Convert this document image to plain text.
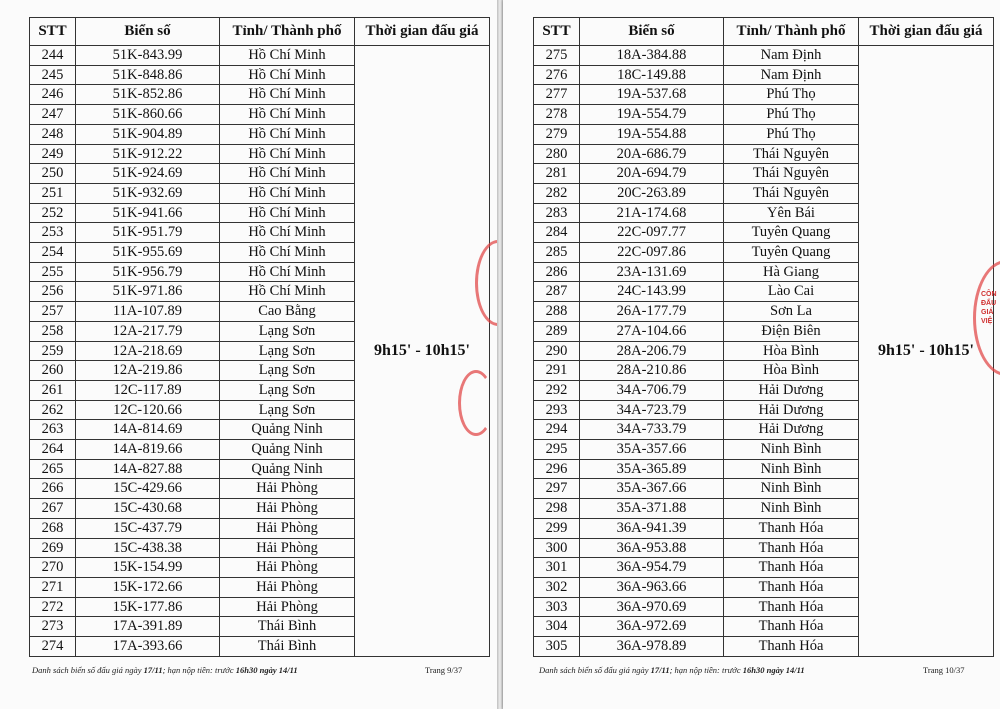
STT	Biển số	Tỉnh/ Thành phố	Thời gian đấu giá
244	51K-843.99	Hồ Chí Minh	9h15' - 10h15'
245	51K-848.86	Hồ Chí Minh	
246	51K-852.86	Hồ Chí Minh	
247	51K-860.66	Hồ Chí Minh	
248	51K-904.89	Hồ Chí Minh	
249	51K-912.22	Hồ Chí Minh	
250	51K-924.69	Hồ Chí Minh	
251	51K-932.69	Hồ Chí Minh	
252	51K-941.66	Hồ Chí Minh	
253	51K-951.79	Hồ Chí Minh	
254	51K-955.69	Hồ Chí Minh	
255	51K-956.79	Hồ Chí Minh	
256	51K-971.86	Hồ Chí Minh	
257	11A-107.89	Cao Bằng	
258	12A-217.79	Lạng Sơn	
259	12A-218.69	Lạng Sơn	
260	12A-219.86	Lạng Sơn	
261	12C-117.89	Lạng Sơn	
262	12C-120.66	Lạng Sơn	
263	14A-814.69	Quảng Ninh	
264	14A-819.66	Quảng Ninh	
265	14A-827.88	Quảng Ninh	
266	15C-429.66	Hải Phòng	
267	15C-430.68	Hải Phòng	
268	15C-437.79	Hải Phòng	
269	15C-438.38	Hải Phòng	
270	15K-154.99	Hải Phòng	
271	15K-172.66	Hải Phòng	
272	15K-177.86	Hải Phòng	
273	17A-391.89	Thái Bình	
274	17A-393.66	Thái Bình	
Danh sách biển số đấu giá ngày 17/11; hạn nộp tiền: trước 16h30 ngày 14/11	Trang 9/37
STT	Biển số	Tỉnh/ Thành phố	Thời gian đấu giá
275	18A-384.88	Nam Định	9h15' - 10h15'
276	18C-149.88	Nam Định	
277	19A-537.68	Phú Thọ	
278	19A-554.79	Phú Thọ	
279	19A-554.88	Phú Thọ	
280	20A-686.79	Thái Nguyên	
281	20A-694.79	Thái Nguyên	
282	20C-263.89	Thái Nguyên	
283	21A-174.68	Yên Bái	
284	22C-097.77	Tuyên Quang	
285	22C-097.86	Tuyên Quang	
286	23A-131.69	Hà Giang	
287	24C-143.99	Lào Cai	
288	26A-177.79	Sơn La	
289	27A-104.66	Điện Biên	
290	28A-206.79	Hòa Bình	
291	28A-210.86	Hòa Bình	
292	34A-706.79	Hải Dương	
293	34A-723.79	Hải Dương	
294	34A-733.79	Hải Dương	
295	35A-357.66	Ninh Bình	
296	35A-365.89	Ninh Bình	
297	35A-367.66	Ninh Bình	
298	35A-371.88	Ninh Bình	
299	36A-941.39	Thanh Hóa	
300	36A-953.88	Thanh Hóa	
301	36A-954.79	Thanh Hóa	
302	36A-963.66	Thanh Hóa	
303	36A-970.69	Thanh Hóa	
304	36A-972.69	Thanh Hóa	
305	36A-978.89	Thanh Hóa	
Danh sách biển số đấu giá ngày 17/11; hạn nộp tiền: trước 16h30 ngày 14/11	Trang 10/37
CÔN
ĐẤU GIÁ
VIỆ
